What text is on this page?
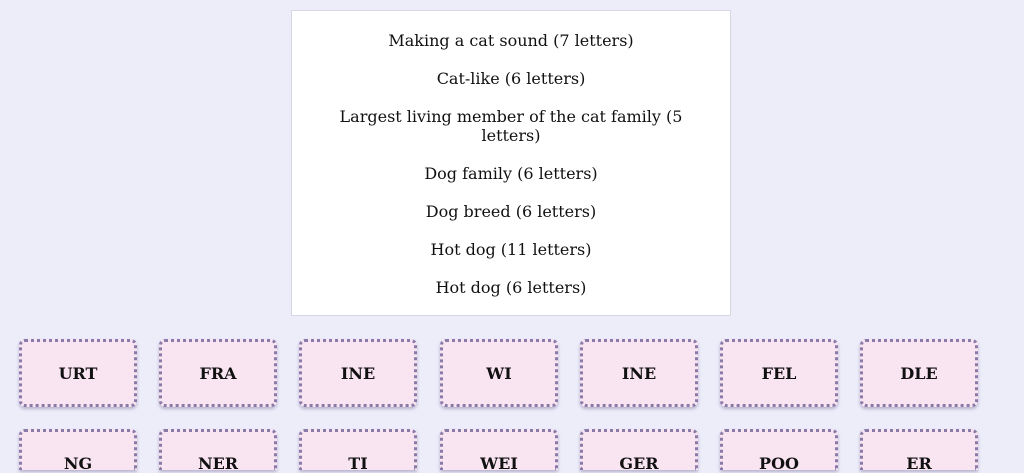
Making a cat sound (7 letters)
Cat-like (6 letters)
Largest living member of the cat family (5 letters)
Dog family (6 letters)
Dog breed (6 letters)
Hot dog (11 letters)
Hot dog (6 letters)
URT	FRA	INE	WI	INE	FEL	DLE
NG	NER	TI	WEI	GER	POO	ER
